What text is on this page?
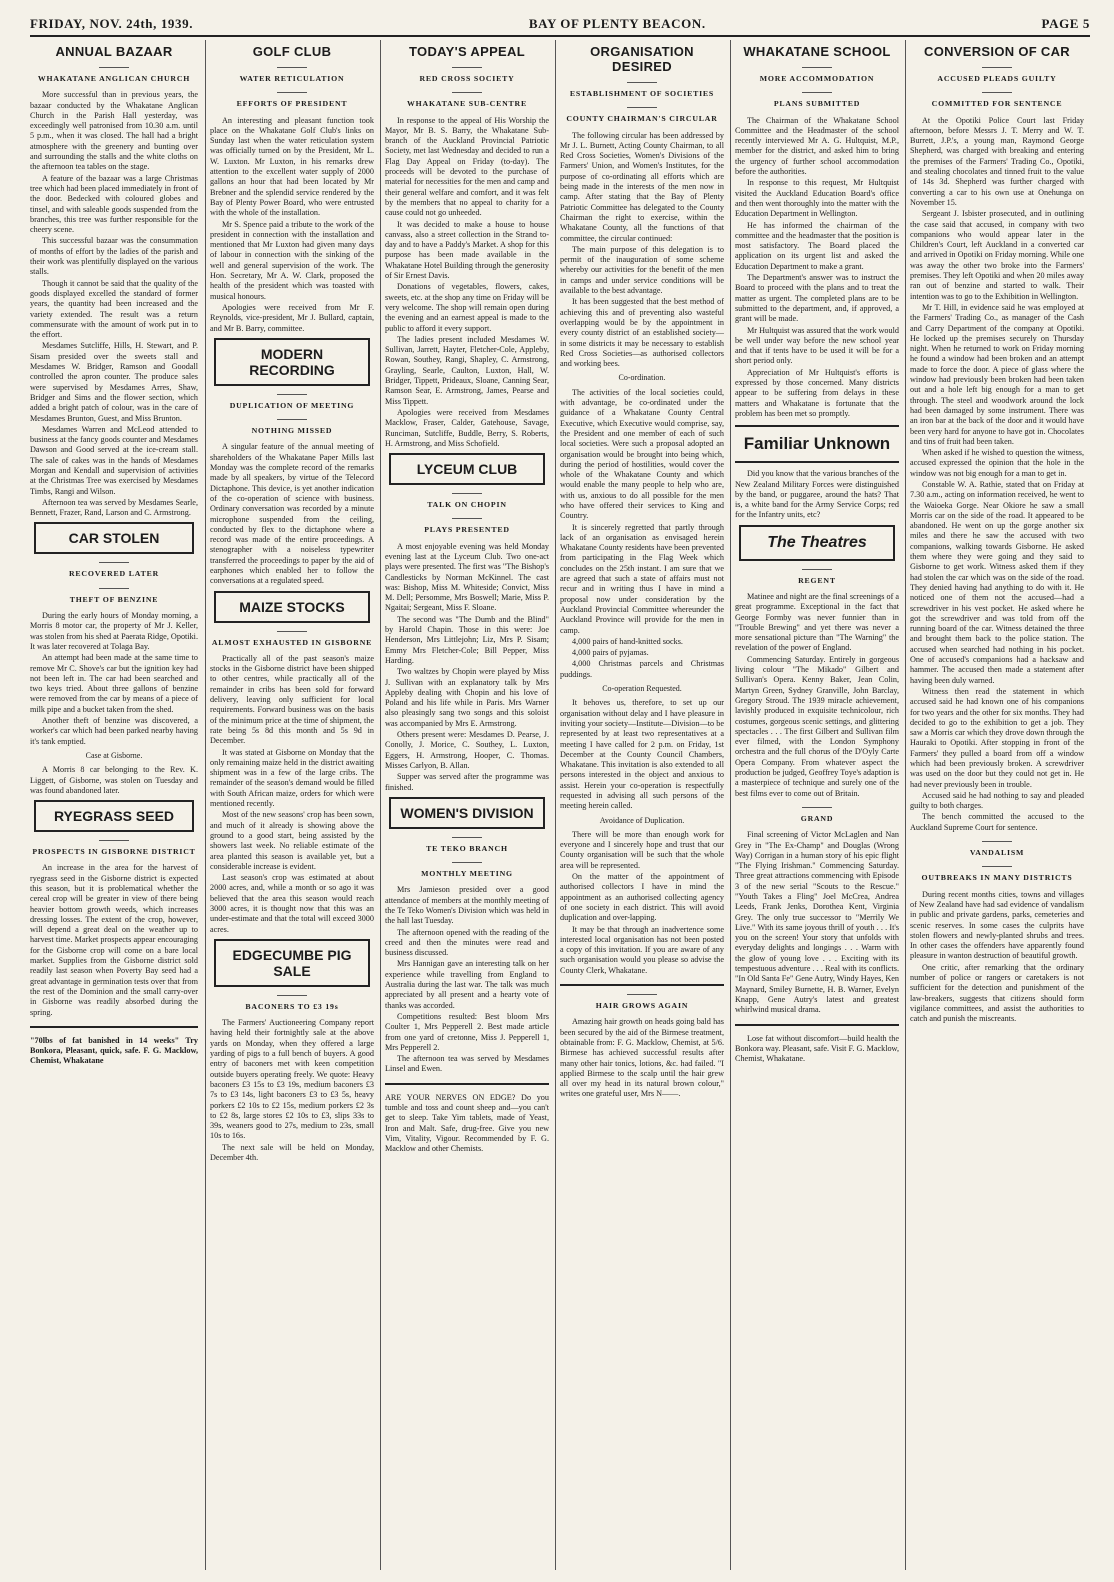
FRIDAY, NOV. 24th, 1939.	BAY OF PLENTY BEACON.	PAGE 5
ANNUAL BAZAAR
WHAKATANE ANGLICAN CHURCH

More successful than in previous years, the bazaar conducted by the Whakatane Anglican Church in the Parish Hall yesterday, was exceedingly well patronised from 10.30 a.m. until 5 p.m., when it was closed. The hall had a bright atmosphere with the greenery and bunting over and surrounding the stalls and the white cloths on the afternoon tea tables on the stage.

A feature of the bazaar was a large Christmas tree which had been placed immediately in front of the door. Bedecked with coloured globes and tinsel, and with saleable goods suspended from the branches, this tree was further responsible for the cheery scene.

This successful bazaar was the consummation of months of effort by the ladies of the parish and their work was plentifully displayed on the various stalls.

Though it cannot be said that the quality of the goods displayed excelled the standard of former years, the quantity had been increased and the variety extended. The result was a return commensurate with the amount of work put in to the effort.

Mesdames Sutcliffe, Hills, H. Stewart, and P. Sisam presided over the sweets stall and Mesdames W. Bridger, Ramson and Goodall controlled the apron counter. The produce sales were supervised by Mesdames Arres, Shaw, Bridger and Sims and the flower section, which added a bright patch of colour, was in the care of Mesdames Brunton, Guest, and Miss Brunton.

Mesdames Warren and McLeod attended to business at the fancy goods counter and Mesdames Dawson and Good served at the ice-cream stall. The sale of cakes was in the hands of Mesdames Morgan and Kendall and supervision of activities at the Christmas Tree was exercised by Mesdames Timbs, Rangi and Wilson.

Afternoon tea was served by Mesdames Searle, Bennett, Frazer, Rand, Larson and C. Armstrong.

CAR STOLEN
RECOVERED LATER
THEFT OF BENZINE

During the early hours of Monday morning, a Morris 8 motor car, the property of Mr J. Keller, was stolen from his shed at Paerata Ridge, Opotiki. It was later recovered at Tolaga Bay.

An attempt had been made at the same time to remove Mr C. Shove's car but the ignition key had not been left in. The car had been searched and two keys tried. About three gallons of benzine were removed from the car by means of a piece of milk pipe and a bucket taken from the shed.

Another theft of benzine was discovered, a worker's car which had been parked nearby having it's tank emptied.

Case at Gisborne.

A Morris 8 car belonging to the Rev. K. Liggett, of Gisborne, was stolen on Tuesday and was found abandoned later.

RYEGRASS SEED
PROSPECTS IN GISBORNE DISTRICT

An increase in the area for the harvest of ryegrass seed in the Gisborne district is expected this season, but it is problematical whether the cereal crop will be greater in view of there being heavier bottom growth weeds, which increases dressing losses. The extent of the crop, however, will depend a great deal on the weather up to harvest time. Market prospects appear encouraging for the Gisborne crop will come on a bare local market. Supplies from the Gisborne district sold readily last season when Poverty Bay seed had a great advantage in germination tests over that from the rest of the Dominion and the small carry-over in Gisborne was readily absorbed during the spring.

"70lbs of fat banished in 14 weeks" Try Bonkora, Pleasant, quick, safe. F. G. Macklow, Chemist, Whakatane

GOLF CLUB
WATER RETICULATION
EFFORTS OF PRESIDENT

An interesting and pleasant function took place on the Whakatane Golf Club's links on Sunday last when the water reticulation system was officially turned on by the President, Mr L. W. Luxton. Mr Luxton, in his remarks drew attention to the excellent water supply of 2000 gallons an hour that had been located by Mr Brebner and the splendid service rendered by the Bay of Plenty Power Board, who were entrusted with the whole of the installation.

Mr S. Spence paid a tribute to the work of the president in connection with the installation and mentioned that Mr Luxton had given many days of labour in connection with the sinking of the well and general supervision of the work. The Hon. Secretary, Mr A. W. Clark, proposed the health of the president which was toasted with musical honours.

Apologies were received from Mr F. Reynolds, vice-president, Mr J. Bullard, captain, and Mr B. Barry, committee.

MODERN RECORDING
DUPLICATION OF MEETING
NOTHING MISSED

A singular feature of the annual meeting of shareholders of the Whakatane Paper Mills last Monday was the complete record of the remarks made by all speakers, by virtue of the Telecord Dictaphone. This device, is yet another indication of the co-operation of science with business. Ordinary conversation was recorded by a minute microphone suspended from the ceiling, conducted by flex to the dictaphone where a record was made of the entire proceedings. A stenographer with a noiseless typewriter transferred the proceedings to paper by the aid of earphones which enabled her to follow the conversations at a regulated speed.

MAIZE STOCKS
ALMOST EXHAUSTED IN GISBORNE

Practically all of the past season's maize stocks in the Gisborne district have been shipped to other centres, while practically all of the remainder in cribs has been sold for forward delivery, leaving only sufficient for local requirements. Forward business was on the basis of the minimum price at the time of shipment, the rate being 5s 8d this month and 5s 9d in December.

It was stated at Gisborne on Monday that the only remaining maize held in the district awaiting shipment was in a few of the large cribs. The remainder of the season's demand would be filled with South African maize, orders for which were mentioned recently.

Most of the new seasons' crop has been sown, and much of it already is showing above the ground to a good start, being assisted by the showers last week. No reliable estimate of the area planted this season is available yet, but a considerable increase is evident.

Last season's crop was estimated at about 2000 acres, and, while a month or so ago it was believed that the area this season would reach 3000 acres, it is thought now that this was an under-estimate and that the total will exceed 3000 acres.

EDGECUMBE PIG SALE
BACONERS TO £3 19s

The Farmers' Auctioneering Company report having held their fortnightly sale at the above yards on Monday, when they offered a large yarding of pigs to a full bench of buyers. A good entry of baconers met with keen competition outside buyers operating freely. We quote: Heavy baconers £3 15s to £3 19s, medium baconers £3 7s to £3 14s, light baconers £3 to £3 5s, heavy porkers £2 10s to £2 15s, medium porkers £2 3s to £2 8s, large stores £2 10s to £3, slips 33s to 39s, weaners good to 27s, medium to 23s, small 10s to 16s.

The next sale will be held on Monday, December 4th.

TODAY'S APPEAL
RED CROSS SOCIETY
WHAKATANE SUB-CENTRE

In response to the appeal of His Worship the Mayor, Mr B. S. Barry, the Whakatane Sub-branch of the Auckland Provincial Patriotic Society, met last Wednesday and decided to run a Flag Day Appeal on Friday (to-day). The proceeds will be devoted to the purchase of material for necessities for the men and camp and their general welfare and comfort, and it was felt by the members that no appeal to charity for a cause could not go unheeded.

It was decided to make a house to house canvass, also a street collection in the Strand to-day and to have a Paddy's Market. A shop for this purpose has been made available in the Whakatane Hotel Building through the generosity of Sir Ernest Davis.

Donations of vegetables, flowers, cakes, sweets, etc. at the shop any time on Friday will be very welcome. The shop will remain open during the evening and an earnest appeal is made to the public to afford it every support.

The ladies present included Mesdames W. Sullivan, Jarrett, Hayter, Fletcher-Cole, Appleby, Rowan, Southey, Rangi, Shapley, C. Armstrong, Grayling, Searle, Caulton, Luxton, Hall, W. Bridger, Tippett, Prideaux, Sloane, Canning Sear, Ramson Sear, E. Armstrong, James, Pearse and Miss Tippett.

Apologies were received from Mesdames Macklow, Fraser, Calder, Gatehouse, Savage, Runciman, Sutcliffe, Buddle, Berry, S. Roberts, H. Armstrong, and Miss Schofield.

LYCEUM CLUB
TALK ON CHOPIN
PLAYS PRESENTED

A most enjoyable evening was held Monday evening last at the Lyceum Club. Two one-act plays were presented. The first was "The Bishop's Candlesticks by Norman McKinnel. The cast was: Bishop, Miss M. Whiteside; Convict, Miss M. Dell; Persomme, Mrs Boswell; Marie, Miss P. Ngaitai; Sergeant, Miss F. Sloane.

The second was "The Dumb and the Blind" by Harold Chapin. Those in this were: Joe Henderson, Mrs Littlejohn; Liz, Mrs P. Sisam; Emmy Mrs Fletcher-Cole; Bill Pepper, Miss Harding.

Two waltzes by Chopin were played by Miss J. Sullivan with an explanatory talk by Mrs Appleby dealing with Chopin and his love of Poland and his life while in Paris. Mrs Warner also pleasingly sang two songs and this soloist was accompanied by Mrs E. Armstrong.

Others present were: Mesdames D. Pearse, J. Conolly, J. Morice, C. Southey, L. Luxton, Eggers, H. Armstrong, Hooper, C. Thomas. Misses Carlyon, B. Allan.

Supper was served after the programme was finished.

WOMEN'S DIVISION
TE TEKO BRANCH
MONTHLY MEETING

Mrs Jamieson presided over a good attendance of members at the monthly meeting of the Te Teko Women's Division which was held in the hall last Tuesday.

The afternoon opened with the reading of the creed and then the minutes were read and business discussed.

Mrs Hannigan gave an interesting talk on her experience while travelling from England to Australia during the last war. The talk was much appreciated by all present and a hearty vote of thanks was accorded.

Competitions resulted: Best bloom Mrs Coulter 1, Mrs Pepperell 2. Best made article from one yard of cretonne, Miss J. Pepperell 1, Mrs Pepperell 2.

The afternoon tea was served by Mesdames Linsel and Ewen.

ARE YOUR NERVES ON EDGE? Do you tumble and toss and count sheep and—you can't get to sleep. Take Yim tablets, made of Yeast, Iron and Malt. Safe, drug-free. Give you new Vim, Vitality, Vigour. Recommended by F. G. Macklow and other Chemists.

ORGANISATION DESIRED
ESTABLISHMENT OF SOCIETIES
COUNTY CHAIRMAN'S CIRCULAR

The following circular has been addressed by Mr J. L. Burnett, Acting County Chairman, to all Red Cross Societies, Women's Divisions of the Farmers' Union, and Women's Institutes, for the purpose of co-ordinating all efforts which are being made in the interests of the men now in camp. After stating that the Bay of Plenty Patriotic Committee has delegated to the County Chairman the right to exercise, within the Whakatane County, all the functions of that committee, the circular continued:

The main purpose of this delegation is to permit of the inauguration of some scheme whereby our activities for the benefit of the men in camps and under service conditions will be available to the best advantage.

It has been suggested that the best method of achieving this and of preventing also wasteful overlapping would be by the appointment in every county district of an established society—in some districts it may be necessary to establish Red Cross Societies—as authorised collectors and working bees.

Co-ordination.

The activities of the local societies could, with advantage, be co-ordinated under the guidance of a Whakatane County Central Executive, which Executive would comprise, say, the President and one member of each of such local societies. Were such a proposal adopted an organisation would be brought into being which, during the period of hostilities, would cover the whole of the Whakatane County and which would enable the many people to help who are, with us, anxious to do all possible for the men who have offered their services to King and Country.

It is sincerely regretted that partly through lack of an organisation as envisaged herein Whakatane County residents have been prevented from participating in the Flag Week which concludes on the 25th instant. I am sure that we are agreed that such a state of affairs must not recur and in writing thus I have in mind a proposal now under consideration by the Auckland Provincial Committee whereunder the Auckland Province will provide for the men in camp.

4,000 pairs of hand-knitted socks.

4,000 pairs of pyjamas.

4,000 Christmas parcels and Christmas puddings.

Co-operation Requested.

It behoves us, therefore, to set up our organisation without delay and I have pleasure in inviting your society—Institute—Division—to be represented by at least two representatives at a meeting I have called for 2 p.m. on Friday, 1st December at the County Council Chambers, Whakatane. This invitation is also extended to all persons interested in the object and anxious to assist. Herein your co-operation is respectfully requested in advising all such persons of the meeting herein called.

Avoidance of Duplication.

There will be more than enough work for everyone and I sincerely hope and trust that our County organisation will be such that the whole area will be represented.

On the matter of the appointment of authorised collectors I have in mind the appointment as an authorised collecting agency of one society in each district. This will avoid duplication and over-lapping.

It may be that through an inadvertence some interested local organisation has not been posted a copy of this invitation. If you are aware of any such organisation would you please so advise the County Clerk, Whakatane.

HAIR GROWS AGAIN

Amazing hair growth on heads going bald has been secured by the aid of the Birmese treatment, obtainable from: F. G. Macklow, Chemist, at 5/6. Birmese has achieved successful results after many other hair tonics, lotions, &c. had failed. "I applied Birmese to the scalp until the hair grew all over my head in its natural brown colour," writes one grateful user, Mrs N——.

WHAKATANE SCHOOL
MORE ACCOMMODATION
PLANS SUBMITTED

The Chairman of the Whakatane School Committee and the Headmaster of the school recently interviewed Mr A. G. Hultquist, M.P., member for the district, and asked him to bring the urgency of further school accommodation before the authorities.

In response to this request, Mr Hultquist visited the Auckland Education Board's office and then went thoroughly into the matter with the Education Department in Wellington.

He has informed the chairman of the committee and the headmaster that the position is most satisfactory. The Board placed the application on its urgent list and asked the Education Department to make a grant.

The Department's answer was to instruct the Board to proceed with the plans and to treat the matter as urgent. The completed plans are to be submitted to the department, and, if approved, a grant will be made.

Mr Hultquist was assured that the work would be well under way before the new school year and that if tents have to be used it will be for a short period only.

Appreciation of Mr Hultquist's efforts is expressed by those concerned. Many districts appear to be suffering from delays in these matters and Whakatane is fortunate that the problem has been met so promptly.

Familiar Unknown

Did you know that the various branches of the New Zealand Military Forces were distinguished by the band, or puggaree, around the hats? That is, a white band for the Army Service Corps; red for the Infantry units, etc?

The Theatres
REGENT

Matinee and night are the final screenings of a great programme. Exceptional in the fact that George Formby was never funnier than in "Trouble Brewing" and yet there was never a more sensational picture than "The Warning" the revelation of the power of England.

Commencing Saturday. Entirely in gorgeous living colour "The Mikado" Gilbert and Sullivan's Opera. Kenny Baker, Jean Colin, Martyn Green, Sydney Granville, John Barclay, Gregory Stroud. The 1939 miracle achievement, lavishly produced in exquisite technicolour, rich costumes, gorgeous scenic settings, and glittering spectacles . . . The first Gilbert and Sullivan film ever filmed, with the London Symphony orchestra and the full chorus of the D'Oyly Carte Opera Company. From whatever aspect the production be judged, Geoffrey Toye's adaption is a masterpiece of technique and surely one of the best films ever to come out of Britain.

GRAND

Final screening of Victor McLaglen and Nan Grey in "The Ex-Champ" and Douglas (Wrong Way) Corrigan in a human story of his epic flight "The Flying Irishman." Commencing Saturday. Three great attractions commencing with Episode 3 of the new serial "Scouts to the Rescue." "Youth Takes a Fling" Joel McCrea, Andrea Leeds, Frank Jenks, Dorothea Kent, Virginia Grey. The only true successor to "Merrily We Live." With its same joyous thrill of youth . . . It's you on the screen! Your story that unfolds with everyday delights and longings . . . Warm with the glow of young love . . . Exciting with its tempestuous adventure . . . Real with its conflicts. "In Old Santa Fe" Gene Autry, Windy Hayes, Ken Maynard, Smiley Burnette, H. B. Warner, Evelyn Knapp, Gene Autry's latest and greatest whirlwind musical drama.

Lose fat without discomfort—build health the Bonkora way. Pleasant, safe. Visit F. G. Macklow, Chemist, Whakatane.

CONVERSION OF CAR
ACCUSED PLEADS GUILTY
COMMITTED FOR SENTENCE

At the Opotiki Police Court last Friday afternoon, before Messrs J. T. Merry and W. T. Burrett, J.P.'s, a young man, Raymond George Shepherd, was charged with breaking and entering the premises of the Farmers' Trading Co., Opotiki, and stealing chocolates and tinned fruit to the value of 14s 3d. Shepherd was further charged with converting a car to his own use at Onehunga on November 15.

Sergeant J. Isbister prosecuted, and in outlining the case said that accused, in company with two companions who would appear later in the Children's Court, left Auckland in a converted car and arrived in Opotiki on Friday morning. While one was away the other two broke into the Farmers' premises. They left Opotiki and when 20 miles away ran out of benzine and started to walk. Their intention was to go to the Exhibition in Wellington.

Mr T. Hill, in evidence said he was employed at the Farmers' Trading Co., as manager of the Cash and Carry Department of the company at Opotiki. He locked up the premises securely on Thursday night. When he returned to work on Friday morning he found a window had been broken and an attempt made to force the door. A piece of glass where the window had previously been broken had been taken out and a hole left big enough for a man to get through. The steel and woodwork around the lock had been damaged by some instrument. There was an iron bar at the back of the door and it would have been very hard for anyone to have got in. Chocolates and tins of fruit had been taken.

When asked if he wished to question the witness, accused expressed the opinion that the hole in the window was not big enough for a man to get in.

Constable W. A. Rathie, stated that on Friday at 7.30 a.m., acting on information received, he went to the Waioeka Gorge. Near Okiore he saw a small Morris car on the side of the road. It appeared to be abandoned. He went on up the gorge another six miles and there he saw the accused with two companions, walking towards Gisborne. He asked them where they were going and they said to Gisborne to get work. Witness asked them if they had stolen the car which was on the side of the road. They denied having had anything to do with it. He noticed one of them not the accused—had a screwdriver in his vest pocket. He asked where he got the screwdriver and was told from off the running board of the car. Witness detained the three and brought them back to the police station. The accused when searched had nothing in his pocket. One of accused's companions had a hacksaw and hammer. The accused then made a statement after having been duly warned.

Witness then read the statement in which accused said he had known one of his companions for two years and the other for six months. They had decided to go to the exhibition to get a job. They saw a Morris car which they drove down through the Hauraki to Opotiki. After stopping in front of the Farmers' they pulled a board from off a window which had been previously broken. A screwdriver was used on the door but they could not get in. He had never previously been in trouble.

Accused said he had nothing to say and pleaded guilty to both charges.

The bench committed the accused to the Auckland Supreme Court for sentence.

VANDALISM
OUTBREAKS IN MANY DISTRICTS

During recent months cities, towns and villages of New Zealand have had sad evidence of vandalism in public and private gardens, parks, cemeteries and scenic reserves. In some cases the culprits have stolen flowers and newly-planted shrubs and trees. In other cases the offenders have apparently found pleasure in wanton destruction of beautiful growth.

One critic, after remarking that the ordinary number of police or rangers or caretakers is not sufficient for the detection and punishment of the law-breakers, suggests that citizens should form vigilance committees, and assist the authorities to catch and punish the miscreants.
